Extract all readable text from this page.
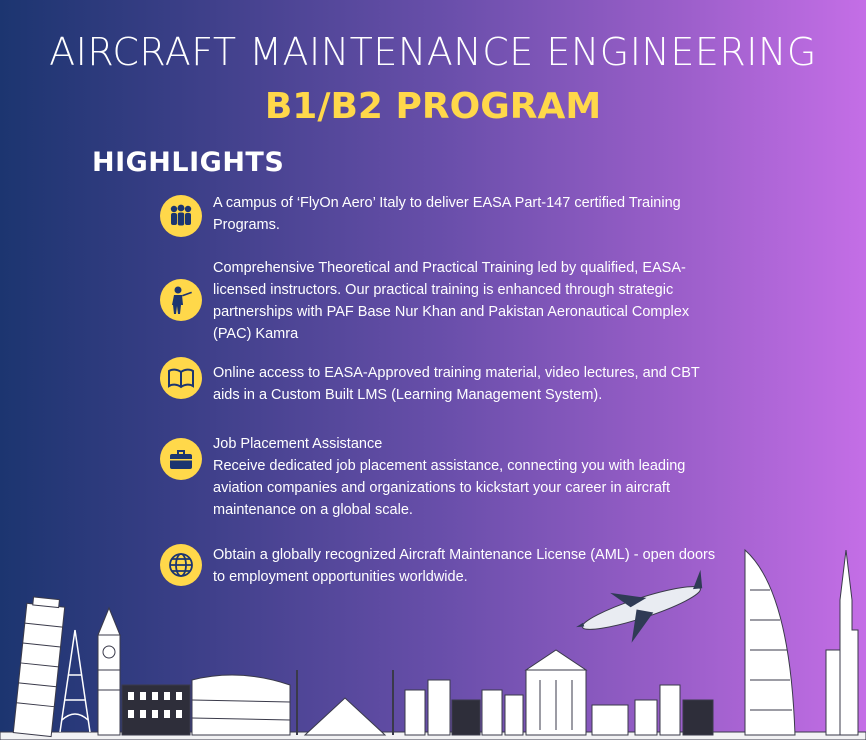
AIRCRAFT MAINTENANCE ENGINEERING
B1/B2 PROGRAM
HIGHLIGHTS
A campus of ‘FlyOn Aero’ Italy to deliver EASA Part-147 certified Training Programs.
Comprehensive Theoretical and Practical Training led by qualified, EASA-licensed instructors. Our practical training is enhanced through strategic partnerships with PAF Base Nur Khan and Pakistan Aeronautical Complex (PAC) Kamra
Online access to EASA-Approved training material, video lectures, and CBT aids in a Custom Built LMS (Learning Management System).
Job Placement Assistance
Receive dedicated job placement assistance, connecting you with leading aviation companies and organizations to kickstart your career in aircraft maintenance on a global scale.
Obtain a globally recognized Aircraft Maintenance License (AML) - open doors to employment opportunities worldwide.
